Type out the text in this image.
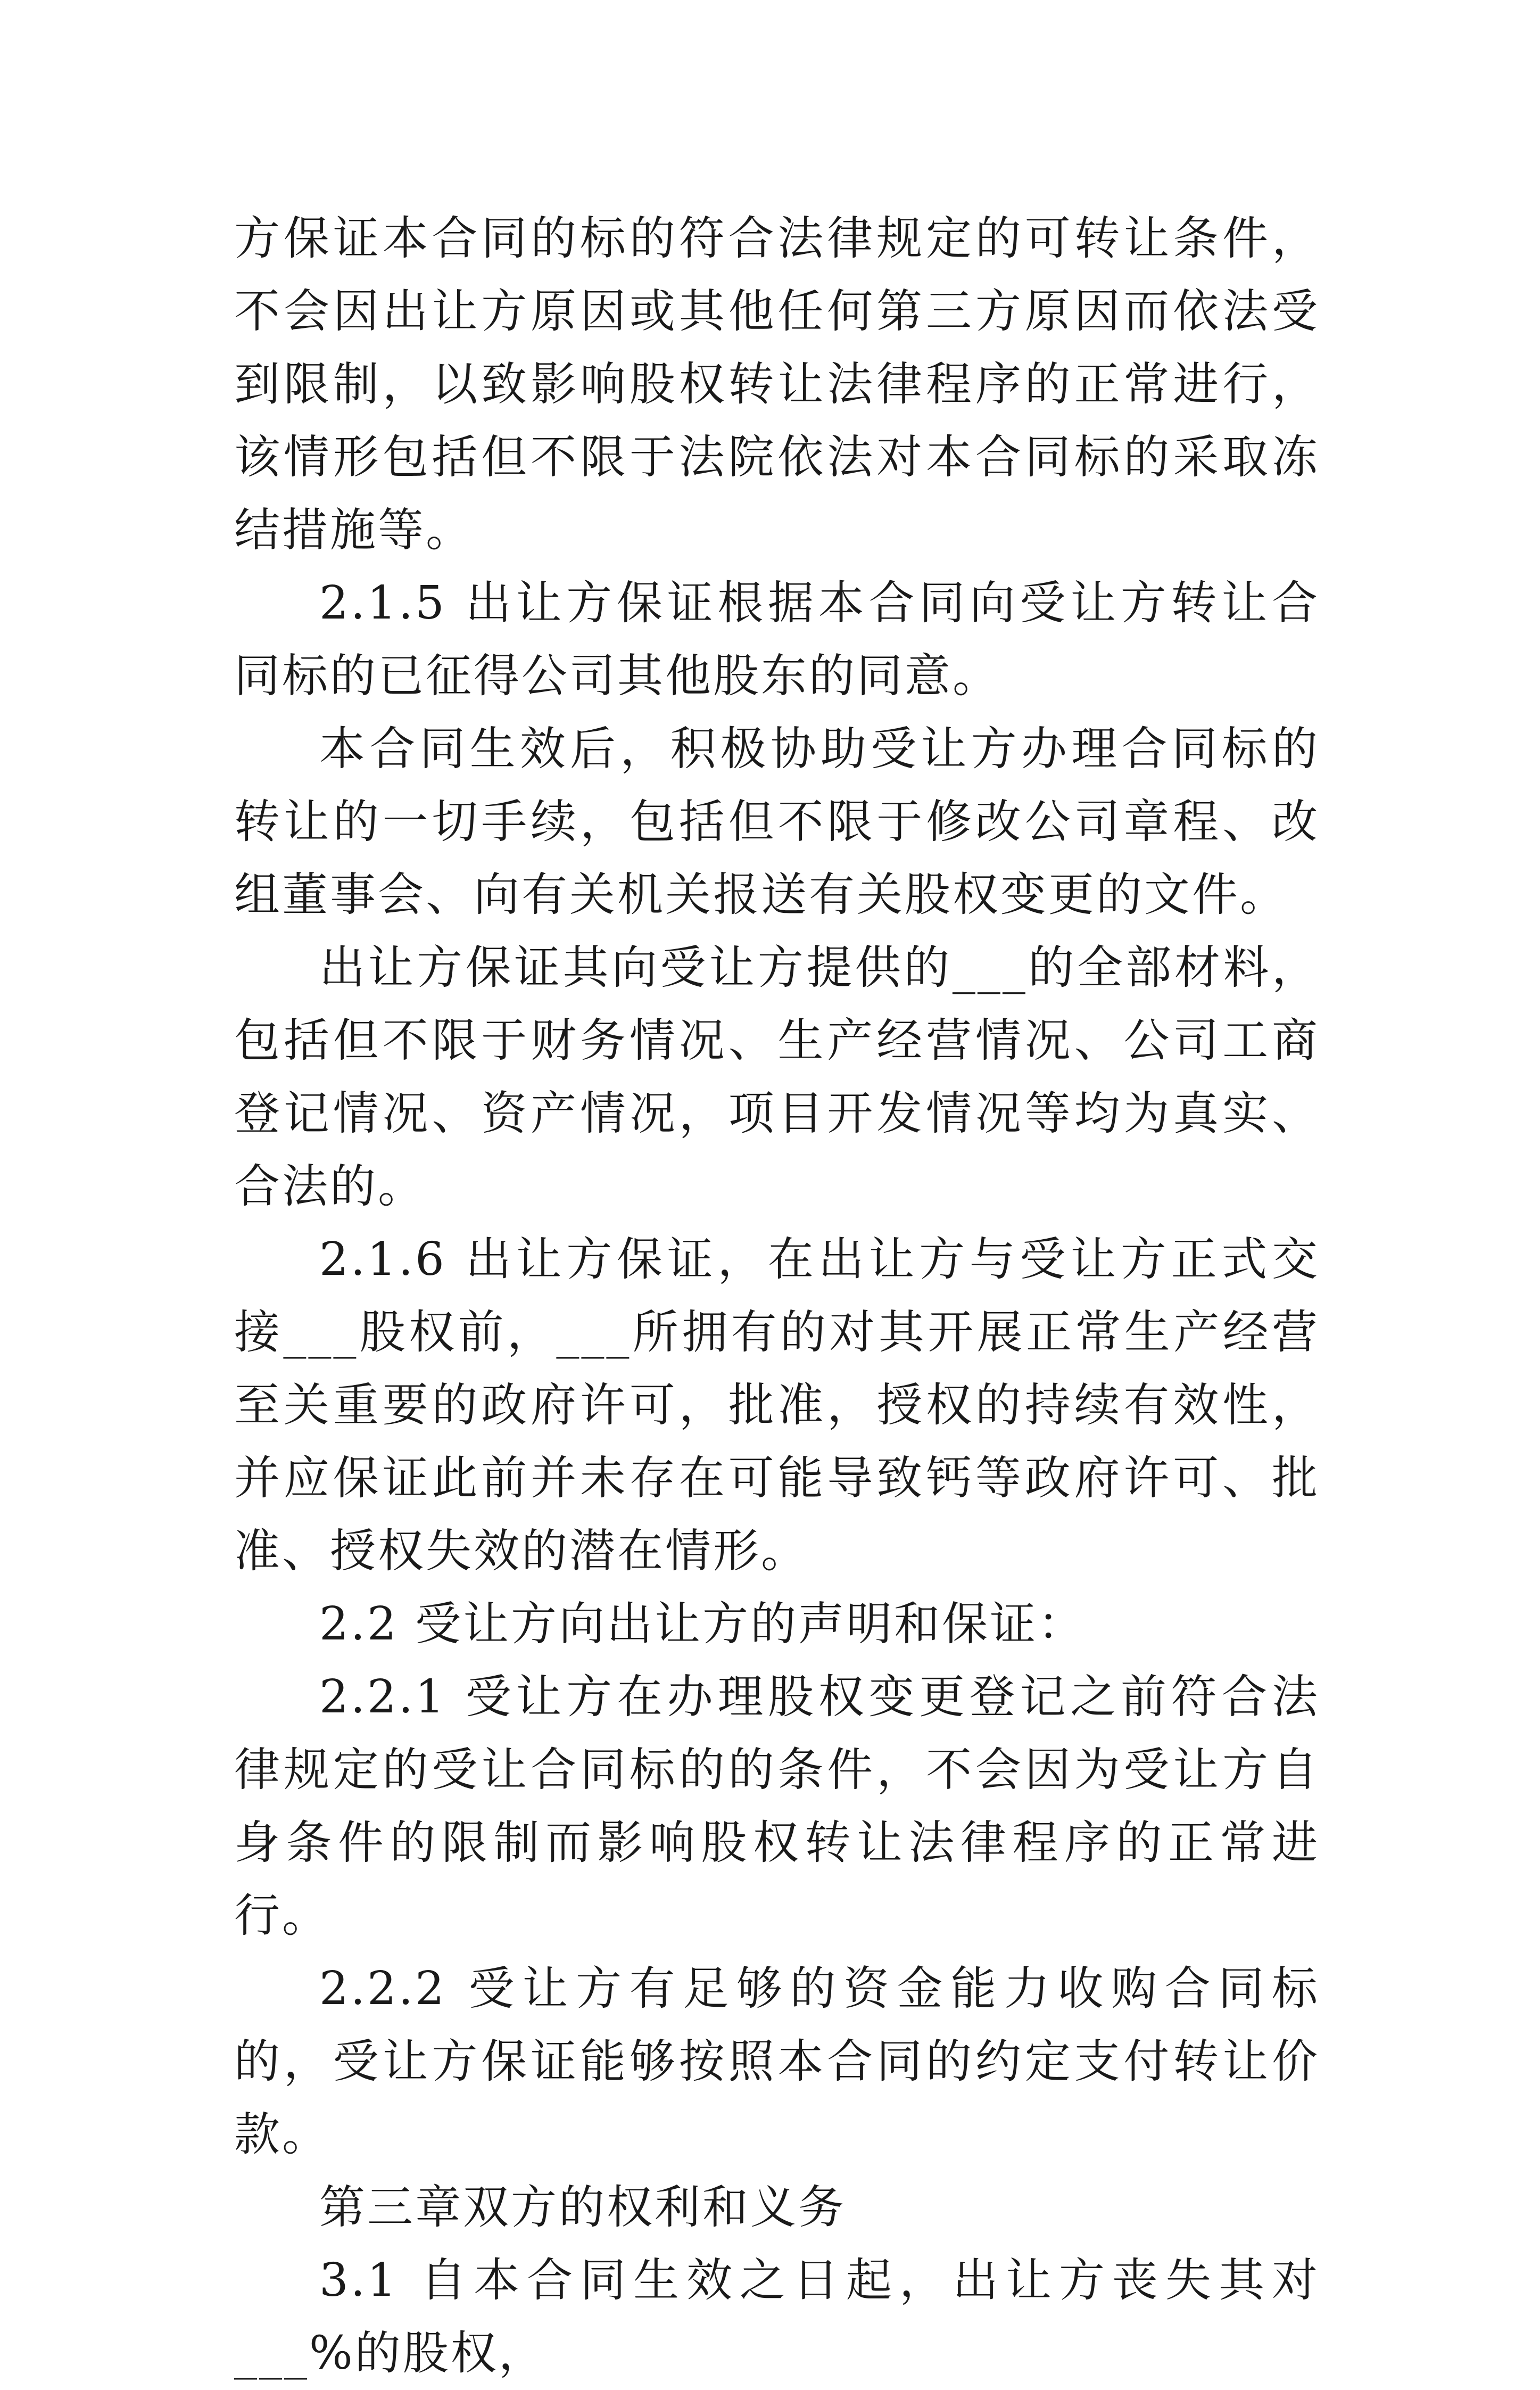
方保证本合同的标的符合法律规定的可转让条件，不会因出让方原因或其他任何第三方原因而依法受到限制，以致影响股权转让法律程序的正常进行，该情形包括但不限于法院依法对本合同标的采取冻结措施等。

2.1.5 出让方保证根据本合同向受让方转让合同标的已征得公司其他股东的同意。

本合同生效后，积极协助受让方办理合同标的转让的一切手续，包括但不限于修改公司章程、改组董事会、向有关机关报送有关股权变更的文件。

出让方保证其向受让方提供的___的全部材料，包括但不限于财务情况、生产经营情况、公司工商登记情况、资产情况，项目开发情况等均为真实、合法的。

2.1.6 出让方保证，在出让方与受让方正式交接___股权前，___所拥有的对其开展正常生产经营至关重要的政府许可，批准，授权的持续有效性，并应保证此前并未存在可能导致钙等政府许可、批准、授权失效的潜在情形。

2.2 受让方向出让方的声明和保证：

2.2.1 受让方在办理股权变更登记之前符合法律规定的受让合同标的的条件，不会因为受让方自身条件的限制而影响股权转让法律程序的正常进行。

2.2.2 受让方有足够的资金能力收购合同标的，受让方保证能够按照本合同的约定支付转让价款。

第三章双方的权利和义务

3.1 自本合同生效之日起，出让方丧失其对___%的股权，
